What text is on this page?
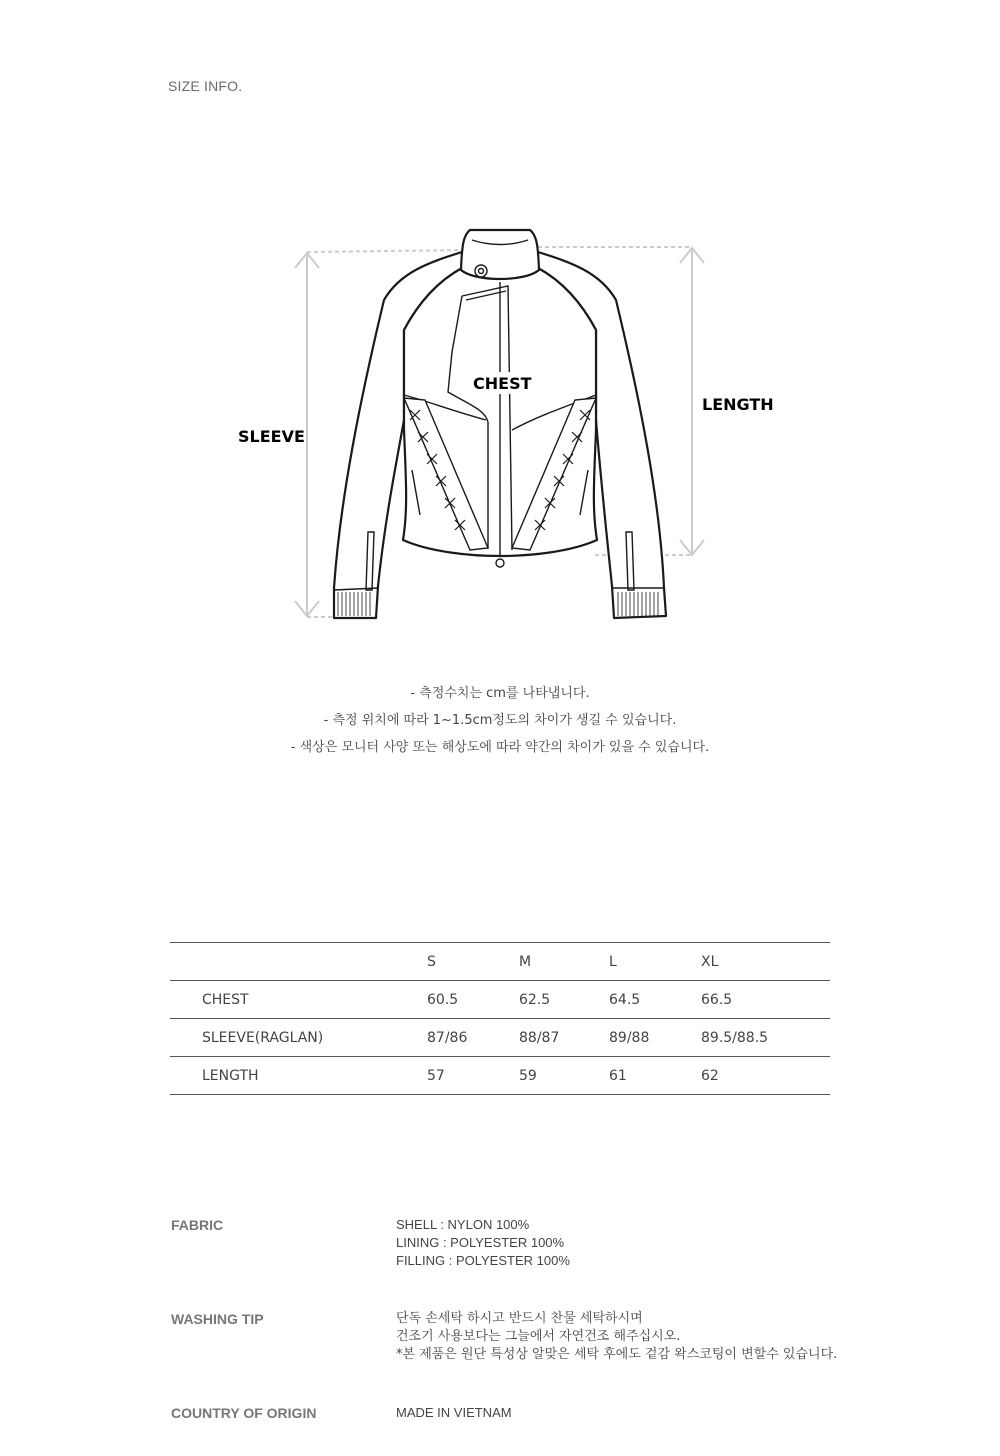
SIZE INFO.
SLEEVE
CHEST
LENGTH
- 측정수치는 cm를 나타냅니다.
- 측정 위치에 따라 1~1.5cm정도의 차이가 생길 수 있습니다.
- 색상은 모니터 사양 또는 해상도에 따라 약간의 차이가 있을 수 있습니다.
	S	M	L	XL
CHEST	60.5	62.5	64.5	66.5
SLEEVE(RAGLAN)	87/86	88/87	89/88	89.5/88.5
LENGTH	57	59	61	62
FABRIC	SHELL : NYLON 100%
LINING : POLYESTER 100%
FILLING : POLYESTER 100%
WASHING TIP	단독 손세탁 하시고 반드시 찬물 세탁하시며
건조기 사용보다는 그늘에서 자연건조 해주십시오.
*본 제품은 원단 특성상 알맞은 세탁 후에도 겉감 왁스코팅이 변할수 있습니다.
COUNTRY OF ORIGIN	MADE IN VIETNAM
